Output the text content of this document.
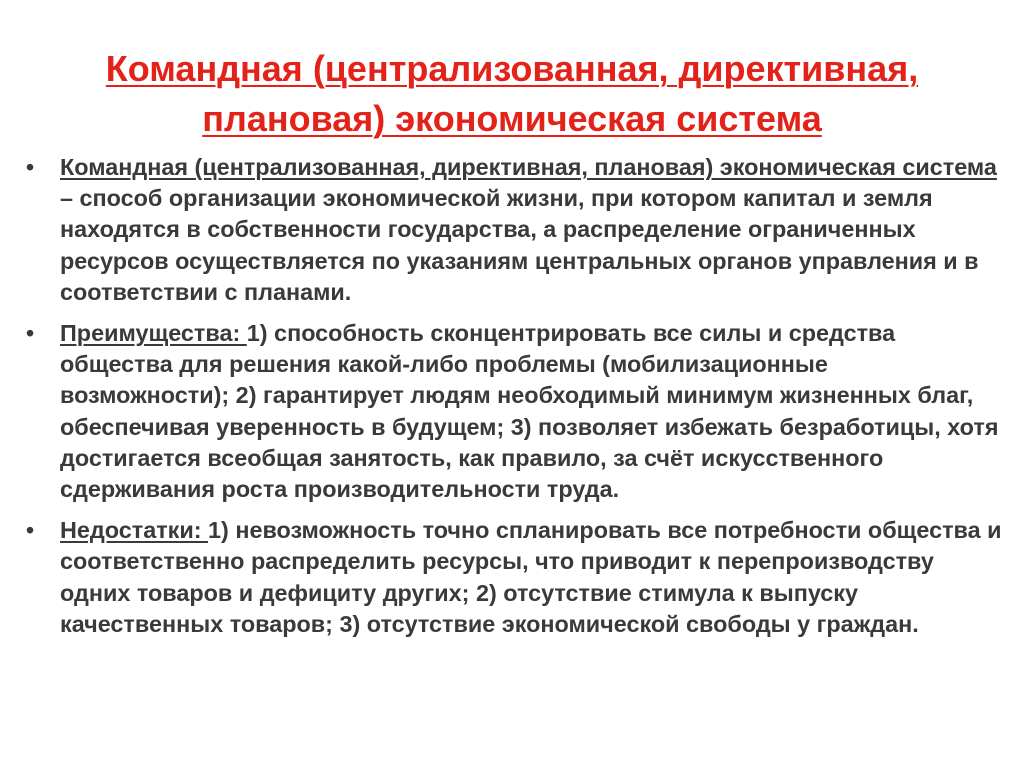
Командная (централизованная, директивная,
плановая) экономическая система
• Командная (централизованная, директивная, плановая) экономическая система – способ организации экономической жизни, при котором капитал и земля находятся в собственности государства, а распределение ограниченных ресурсов осуществляется по указаниям центральных органов управления и в соответствии с планами.
• Преимущества: 1) способность сконцентрировать все силы и средства общества для решения какой-либо проблемы (мобилизационные возможности); 2) гарантирует людям необходимый минимум жизненных благ, обеспечивая уверенность в будущем; 3) позволяет избежать безработицы, хотя достигается всеобщая занятость, как правило, за счёт искусственного сдерживания роста производительности труда.
• Недостатки: 1) невозможность точно спланировать все потребности общества и соответственно распределить ресурсы, что приводит к перепроизводству одних товаров и дефициту других; 2) отсутствие стимула к выпуску качественных товаров; 3) отсутствие экономической свободы у граждан.
